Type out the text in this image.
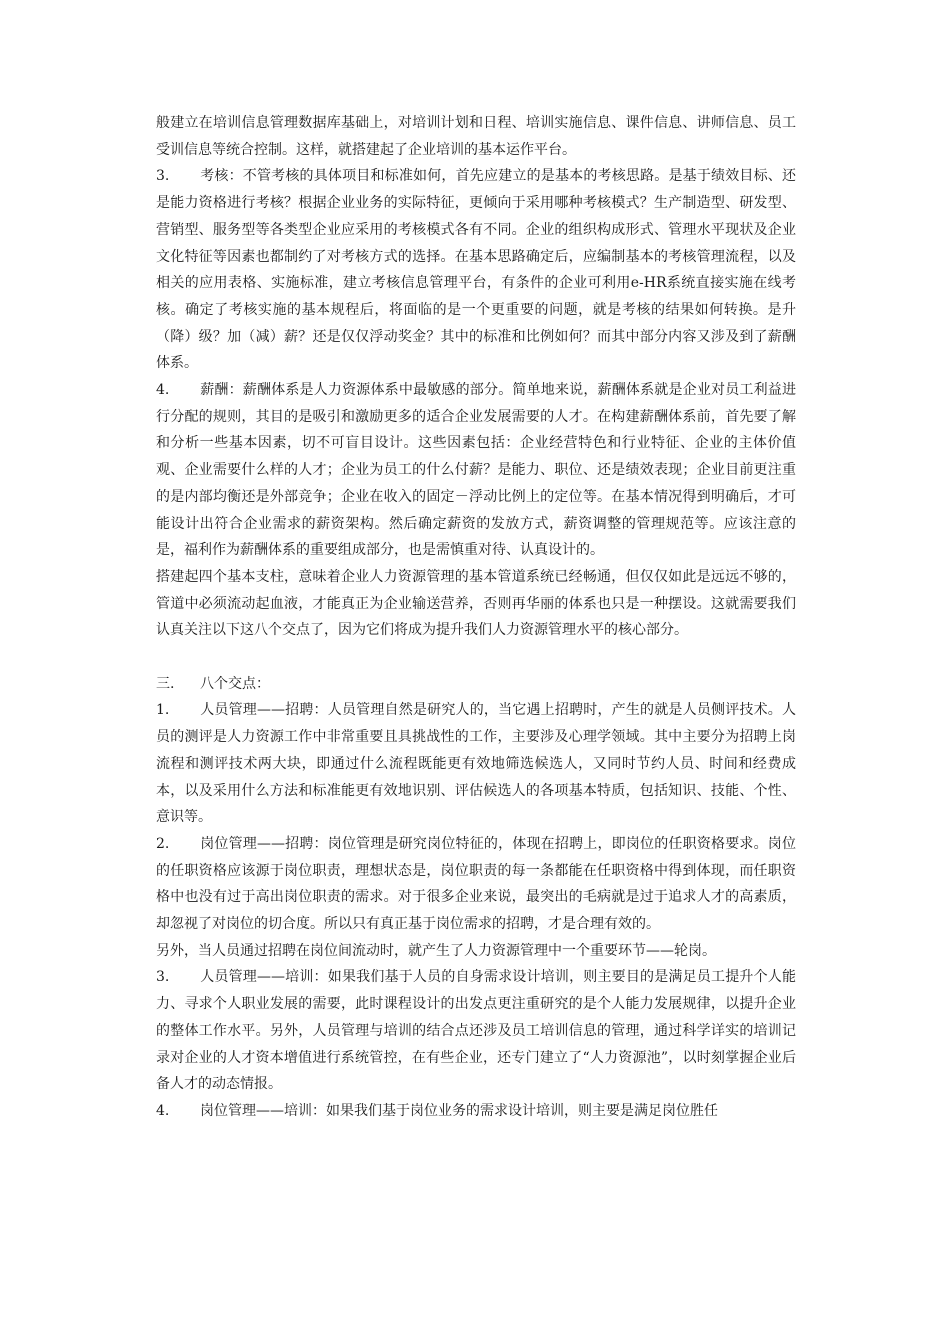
般建立在培训信息管理数据库基础上，对培训计划和日程、培训实施信息、课件信息、讲师信息、员工受训信息等统合控制。这样，就搭建起了企业培训的基本运作平台。

3. 考核：不管考核的具体项目和标准如何，首先应建立的是基本的考核思路。是基于绩效目标、还是能力资格进行考核？根据企业业务的实际特征，更倾向于采用哪种考核模式？生产制造型、研发型、营销型、服务型等各类型企业应采用的考核模式各有不同。企业的组织构成形式、管理水平现状及企业文化特征等因素也都制约了对考核方式的选择。在基本思路确定后，应编制基本的考核管理流程，以及相关的应用表格、实施标准，建立考核信息管理平台，有条件的企业可利用e-HR系统直接实施在线考核。确定了考核实施的基本规程后，将面临的是一个更重要的问题，就是考核的结果如何转换。是升（降）级？加（减）薪？还是仅仅浮动奖金？其中的标准和比例如何？而其中部分内容又涉及到了薪酬体系。

4. 薪酬：薪酬体系是人力资源体系中最敏感的部分。简单地来说，薪酬体系就是企业对员工利益进行分配的规则，其目的是吸引和激励更多的适合企业发展需要的人才。在构建薪酬体系前，首先要了解和分析一些基本因素，切不可盲目设计。这些因素包括：企业经营特色和行业特征、企业的主体价值观、企业需要什么样的人才；企业为员工的什么付薪？是能力、职位、还是绩效表现；企业目前更注重的是内部均衡还是外部竞争；企业在收入的固定－浮动比例上的定位等。在基本情况得到明确后，才可能设计出符合企业需求的薪资架构。然后确定薪资的发放方式，薪资调整的管理规范等。应该注意的是，福利作为薪酬体系的重要组成部分，也是需慎重对待、认真设计的。

搭建起四个基本支柱，意味着企业人力资源管理的基本管道系统已经畅通，但仅仅如此是远远不够的，管道中必须流动起血液，才能真正为企业输送营养，否则再华丽的体系也只是一种摆设。这就需要我们认真关注以下这八个交点了，因为它们将成为提升我们人力资源管理水平的核心部分。

三. 八个交点：

1. 人员管理——招聘：人员管理自然是研究人的，当它遇上招聘时，产生的就是人员侧评技术。人员的测评是人力资源工作中非常重要且具挑战性的工作，主要涉及心理学领域。其中主要分为招聘上岗流程和测评技术两大块，即通过什么流程既能更有效地筛选候选人，又同时节约人员、时间和经费成本，以及采用什么方法和标准能更有效地识别、评估候选人的各项基本特质，包括知识、技能、个性、意识等。

2. 岗位管理——招聘：岗位管理是研究岗位特征的，体现在招聘上，即岗位的任职资格要求。岗位的任职资格应该源于岗位职责，理想状态是，岗位职责的每一条都能在任职资格中得到体现，而任职资格中也没有过于高出岗位职责的需求。对于很多企业来说，最突出的毛病就是过于追求人才的高素质，却忽视了对岗位的切合度。所以只有真正基于岗位需求的招聘，才是合理有效的。

另外，当人员通过招聘在岗位间流动时，就产生了人力资源管理中一个重要环节——轮岗。

3. 人员管理——培训：如果我们基于人员的自身需求设计培训，则主要目的是满足员工提升个人能力、寻求个人职业发展的需要，此时课程设计的出发点更注重研究的是个人能力发展规律，以提升企业的整体工作水平。另外，人员管理与培训的结合点还涉及员工培训信息的管理，通过科学详实的培训记录对企业的人才资本增值进行系统管控，在有些企业，还专门建立了“人力资源池”，以时刻掌握企业后备人才的动态情报。

4. 岗位管理——培训：如果我们基于岗位业务的需求设计培训，则主要是满足岗位胜任
